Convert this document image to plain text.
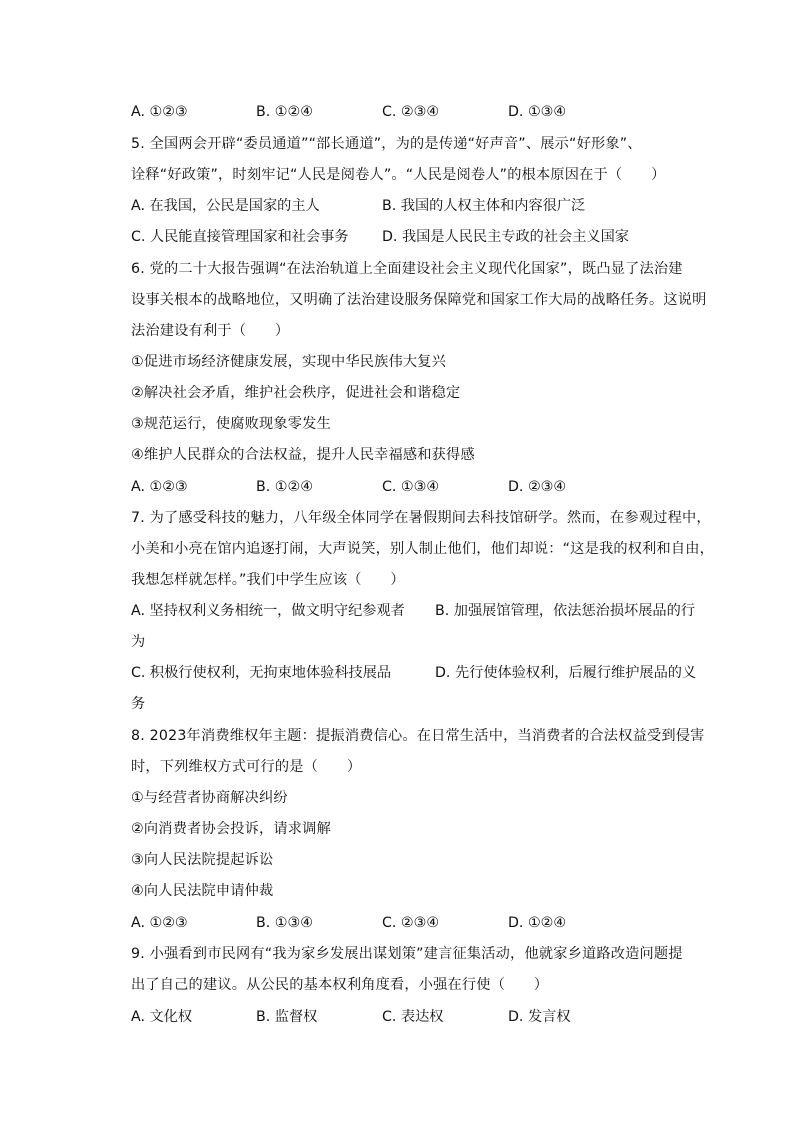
A. ①②③	B. ①②④	C. ②③④	D. ①③④
5. 全国两会开辟“委员通道”“部长通道”，为的是传递“好声音”、展示“好形象”、
诠释“好政策”，时刻牢记“人民是阅卷人”。“人民是阅卷人”的根本原因在于（　　）
A. 在我国，公民是国家的主人	B. 我国的人权主体和内容很广泛
C. 人民能直接管理国家和社会事务 D. 我国是人民民主专政的社会主义国家
6. 党的二十大报告强调“在法治轨道上全面建设社会主义现代化国家”，既凸显了法治建
设事关根本的战略地位，又明确了法治建设服务保障党和国家工作大局的战略任务。这说明
法治建设有利于（　　）
①促进市场经济健康发展，实现中华民族伟大复兴
②解决社会矛盾，维护社会秩序，促进社会和谐稳定
③规范运行，使腐败现象零发生
④维护人民群众的合法权益，提升人民幸福感和获得感
A. ①②③	B. ①②④	C. ①③④	D. ②③④
7. 为了感受科技的魅力，八年级全体同学在暑假期间去科技馆研学。然而，在参观过程中，
小美和小亮在馆内追逐打闹，大声说笑，别人制止他们，他们却说：“这是我的权利和自由，
我想怎样就怎样。”我们中学生应该（　　）
A. 坚持权利义务相统一，做文明守纪参观者 B. 加强展馆管理，依法惩治损坏展品的行
为
C. 积极行使权利，无拘束地体验科技展品	D. 先行使体验权利，后履行维护展品的义
务
8. 2023年消费维权年主题：提振消费信心。在日常生活中，当消费者的合法权益受到侵害
时，下列维权方式可行的是（　　）
①与经营者协商解决纠纷
②向消费者协会投诉，请求调解
③向人民法院提起诉讼
④向人民法院申请仲裁
A. ①②③	B. ①③④	C. ②③④	D. ①②④
9. 小强看到市民网有“我为家乡发展出谋划策”建言征集活动，他就家乡道路改造问题提
出了自己的建议。从公民的基本权利角度看，小强在行使（　　）
A. 文化权	B. 监督权	C. 表达权	D. 发言权
